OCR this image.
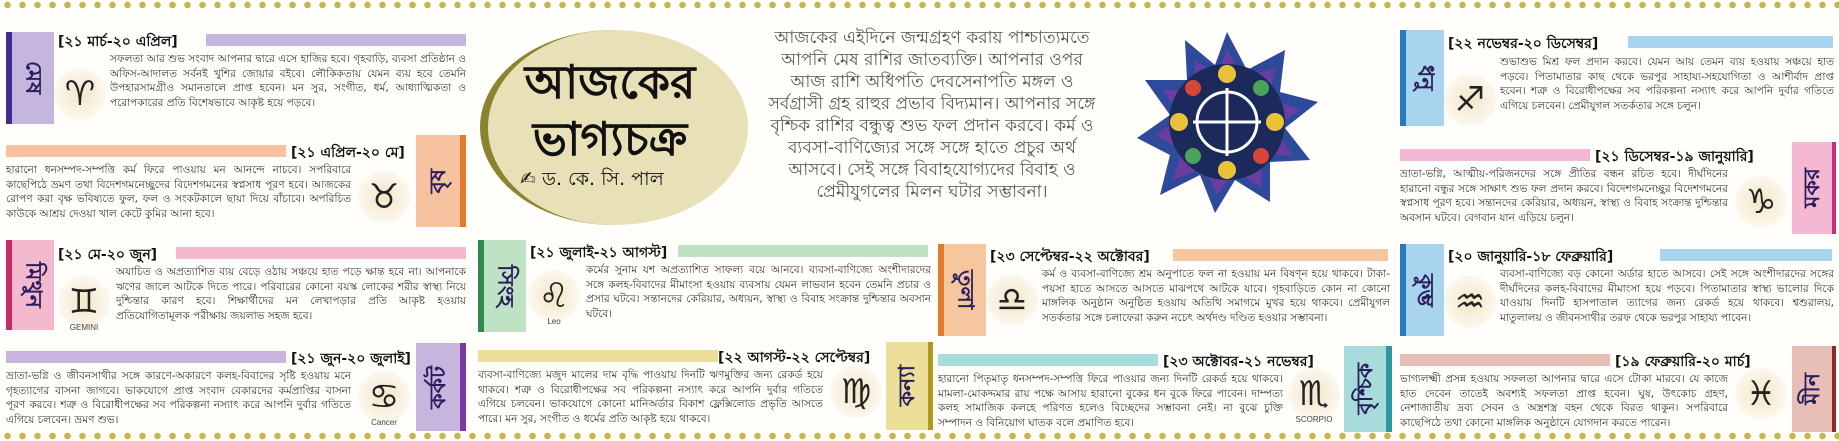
আজকের
ভাগ্যচক্র
✍ ড. কে. সি. পাল
আজকের এইদিনে জন্মগ্রহণ করায় পাশ্চাত্যমতে আপনি মেষ রাশির জাতব্যক্তি। আপনার ওপর আজ রাশি অধিপতি দেবসেনাপতি মঙ্গল ও সর্বগ্রাসী গ্রহ রাহুর প্রভাব বিদ্যমান। আপনার সঙ্গে বৃশ্চিক রাশির বন্ধুত্ব শুভ ফল প্রদান করবে। কর্ম ও ব্যবসা-বাণিজ্যের সঙ্গে সঙ্গে হাতে প্রচুর অর্থ আসবে। সেই সঙ্গে বিবাহযোগ্যদের বিবাহ ও প্রেমীযুগলের মিলন ঘটার সম্ভাবনা।
মেষ
[২১ মার্চ-২০ এপ্রিল]
♈
সফলতা আর শুভ সংবাদ আপনার দ্বারে এসে হাজির হবে। গৃহবাড়ি, ব্যবসা প্রতিষ্ঠান ও অফিস-আদালত সর্বনই খুশির জোয়ার বইবে। লৌকিকতায় যেমন ব্যয় হবে তেমনি উপহারসামগ্রীও সমানতালে প্রাপ্ত হবেন। মন সুর, সংগীত, ধর্ম, আধ্যাত্মিকতা ও পরোপকারের প্রতি বিশেষভাবে আকৃষ্ট হয়ে পড়বে।
[২১ এপ্রিল-২০ মে]
হারানো ধনসম্পদ-সম্পত্তি কর্ম ফিরে পাওয়ায় মন আনন্দে নাচবে। সপরিবারে কাছেপিঠে ভ্রমণ তথা বিদেশগমনেচ্ছুদের বিদেশগমনের স্বপ্নসাধ পূরণ হবে। আজকের রোপণ করা বৃক্ষ ভবিষ্যতে ফুল, ফল ও সংকটকালে ছায়া দিয়ে বাঁচাবে। অপরিচিত কাউকে আশ্রয় দেওয়া খাল কেটে কুমির আনা হবে।	♉	বৃষ
মিথুন
[২১ মে-২০ জুন]
♊
GEMINI
অযাচিত ও অপ্রত্যাশিত ব্যয় বেড়ে ওঠায় সঞ্চয়ে হাত পড়ে ক্ষান্ত হবে না। আপনাকে ঋণের জালে আটকে দিতে পারে। পরিবারের কোনো বয়স্ক লোকের শরীর স্বাস্থ্য নিয়ে দুশ্চিন্তার কারণ হবে। শিক্ষার্থীদের মন লেখাপড়ার প্রতি আকৃষ্ট হওয়ায় প্রতিযোগিতামূলক পরীক্ষায় জয়লাভ সহজ হবে।
[২১ জুন-২০ জুলাই]
ভ্রাতা-ভগ্নি ও জীবনসাথীর সঙ্গে কারণে-অকারণে কলহ-বিবাদের সৃষ্টি হওয়ায় মনে গৃহত্যাগের বাসনা জাগবে। ভাকযোগে প্রাপ্ত সংবাদ বেকারদের কর্মপ্রাপ্তির বাসনা পূরণ করবে। শত্রু ও বিরোধীপক্ষের সব পরিকল্পনা নস্যাৎ করে আপনি দুর্বার গতিতে এগিয়ে চলবেন। ভ্রমণ শুভ।
♋
Cancer
কর্কট
সিংহ
[২১ জুলাই-২১ আগস্ট]
♌
Leo
কর্মের সুনাম যশ অপ্রত্যাশিত সাফল্য বয়ে আনবে। ব্যবসা-বাণিজ্যে অংশীদারদের সঙ্গে কলহ-বিবাদের মীমাংসা হওয়ায় ব্যবসায় যেমন লাভবান হবেন তেমনি প্রচার ও প্রসার ঘটবে। সন্তানদের কেরিয়ার, অধ্যয়ন, স্বাস্থ্য ও বিবাহ সংক্রান্ত দুশ্চিন্তার অবসান ঘটবে।
[২২ আগস্ট-২২ সেপ্টেম্বর]
ব্যবসা-বাণিজ্যে মজুদ মালের দাম বৃদ্ধি পাওয়ায় দিনটি ঋণমুক্তির জন্য রেকর্ড হয়ে থাকবে। শত্রু ও বিরোধীপক্ষের সব পরিকল্পনা নস্যাৎ করে আপনি দুর্বার গতিতে এগিয়ে চলবেন। ভাকযোগে কোনো মানিঅর্ডার বিকাশ ফ্লেক্সিলোড প্রভৃতি আসতে পারে। মন সুর, সংগীত ও ধর্মের প্রতি আকৃষ্ট হয়ে থাকবে।
♍	কন্যা
তুলা
[২৩ সেপ্টেম্বর-২২ অক্টোবর]
♎
কর্ম ও ব্যবসা-বাণিজ্যে শ্রম অনুপাতে ফল না হওয়ায় মন বিষণ্ন হয়ে থাকবে। টাকা-পয়সা হাতে আসতে আসতে মাঝপথে আটকে যাবে। গৃহবাড়িতে কোন না কোনো মাঙ্গলিক অনুষ্ঠান অনুষ্ঠিত হওয়ায় অতিথি সমাগমে মুখর হয়ে থাকবে। প্রেমীযুগল সতর্কতার সঙ্গে চলাফেরা করুন নচেৎ অর্থদণ্ড দণ্ডিত হওয়ার সম্ভাবনা।
[২৩ অক্টোবর-২১ নভেম্বর]
হারানো পিতৃমাতৃ ধনসম্পদ-সম্পত্তি ফিরে পাওয়ার জন্য দিনটি রেকর্ড হয়ে থাকবে। মামলা-মোকদ্দমার রায় পক্ষে আসায় হারানো বুকের ধন বুকে ফিরে পাবেন। দাম্পত্য কলহ সামাজিক কলহে পরিণত হলেও বিচ্ছেদের সম্ভাবনা নেই। না বুঝে চুক্তি সম্পাদন ও বিনিয়োগ ঘাতক বলে প্রমাণিত হবে।
♏
SCORPIO
বৃশ্চিক
ধনু
[২২ নভেম্বর-২০ ডিসেম্বর]
♐
শুভাশুভ মিশ্র ফল প্রদান করবে। যেমন আয় তেমন ব্যয় হওয়ায় সঞ্চয়ে হাত পড়বে। পিতামাতার কাছ থেকে ভরপুর সাহায্য-সহযোগিতা ও আশীর্বাদ প্রাপ্ত হবেন। শত্রু ও বিরোধীপক্ষের সব পরিকল্পনা নস্যাৎ করে আপনি দুর্বার গতিতে এগিয়ে চলবেন। প্রেমীযুগল সতর্কতার সঙ্গে চলুন।
[২১ ডিসেম্বর-১৯ জানুয়ারি]
ভ্রাতা-ভগ্নি, আত্মীয়-পরিজনদের সঙ্গে প্রীতির বন্ধন রচিত হবে। দীর্ঘদিনের হারানো বন্ধুর সঙ্গে সাক্ষাৎ শুভ ফল প্রদান করবে। বিদেশগমনেচ্ছুর বিদেশগমনের স্বপ্নসাধ পূরণ হবে। সন্তানদের কেরিয়ার, অধ্যয়ন, স্বাস্থ্য ও বিবাহ সংক্রান্ত দুশ্চিন্তার অবসান ঘটবে। বেগবান যান এড়িয়ে চলুন।	♑	মকর
কুম্ভ
[২০ জানুয়ারি-১৮ ফেব্রুয়ারি]
♒
ব্যবসা-বাণিজ্যে বড় কোনো অর্ডার হাতে আসবে। সেই সঙ্গে অংশীদারদের সঙ্গের দীর্ঘদিনের কলহ-বিবাদের মীমাংসা হয়ে পড়বে। পিতামাতার স্বাস্থ্য ভালোর দিকে যাওয়ায় দিনটি হাসপাতাল ত্যাগের জন্য রেকর্ড হয়ে থাকবে। শ্বশুরালয়, মাতুলালয় ও জীবনসাথীর তরফ থেকে ভরপুর সাহায্য পাবেন।
[১৯ ফেব্রুয়ারি-২০ মার্চ]
ভাগ্যলক্ষ্মী প্রসন্ন হওয়ায় সফলতা আপনার দ্বারে এসে টোকা মারবে। যে কাজে হাত দেবেন তাতেই অবশ্যই সফলতা প্রাপ্ত হবেন। ঘুষ, উৎকোচ গ্রহণ, নেশাজাতীয় দ্রব্য সেবন ও অস্ত্রশস্ত্র বহন থেকে বিরত থাকুন। সপরিবারে কাছেপিঠে তথা কোনো মাঙ্গলিক অনুষ্ঠানে যোগদান করতে পারেন।
♓	মীন
